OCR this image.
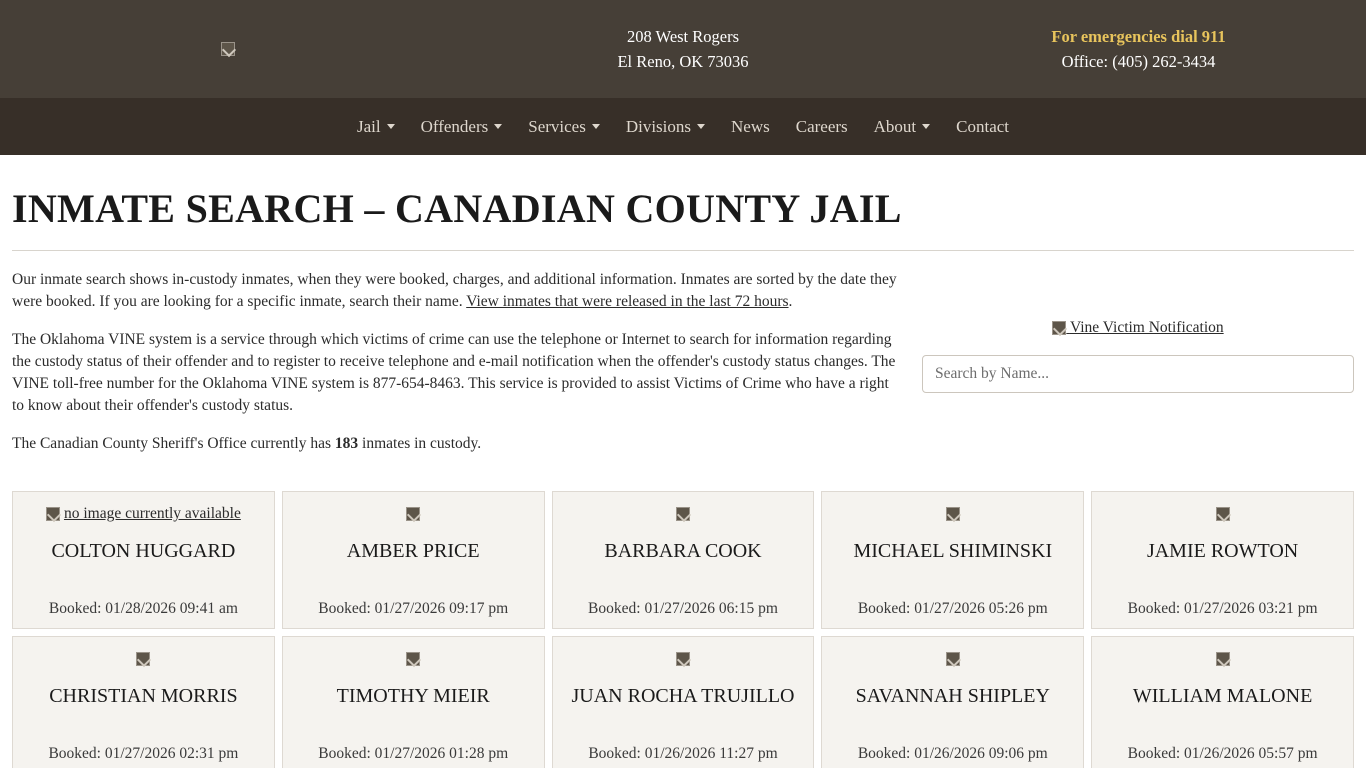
208 West Rogers
El Reno, OK 73036
For emergencies dial 911
Office: (405) 262-3434
Jail Offenders Services Divisions News Careers About Contact
INMATE SEARCH – CANADIAN COUNTY JAIL

Our inmate search shows in-custody inmates, when they were booked, charges, and additional information. Inmates are sorted by the date they were booked. If you are looking for a specific inmate, search their name. View inmates that were released in the last 72 hours.

The Oklahoma VINE system is a service through which victims of crime can use the telephone or Internet to search for information regarding the custody status of their offender and to register to receive telephone and e-mail notification when the offender's custody status changes. The VINE toll-free number for the Oklahoma VINE system is 877-654-8463. This service is provided to assist Victims of Crime who have a right to know about their offender's custody status.

The Canadian County Sheriff's Office currently has 183 inmates in custody.

Vine Victim Notification
Search by Name...
no image currently available
COLTON HUGGARD
Booked: 01/28/2026 09:41 am
AMBER PRICE
Booked: 01/27/2026 09:17 pm
BARBARA COOK
Booked: 01/27/2026 06:15 pm
MICHAEL SHIMINSKI
Booked: 01/27/2026 05:26 pm
JAMIE ROWTON
Booked: 01/27/2026 03:21 pm
CHRISTIAN MORRIS
Booked: 01/27/2026 02:31 pm
TIMOTHY MIEIR
Booked: 01/27/2026 01:28 pm
JUAN ROCHA TRUJILLO
Booked: 01/26/2026 11:27 pm
SAVANNAH SHIPLEY
Booked: 01/26/2026 09:06 pm
WILLIAM MALONE
Booked: 01/26/2026 05:57 pm
